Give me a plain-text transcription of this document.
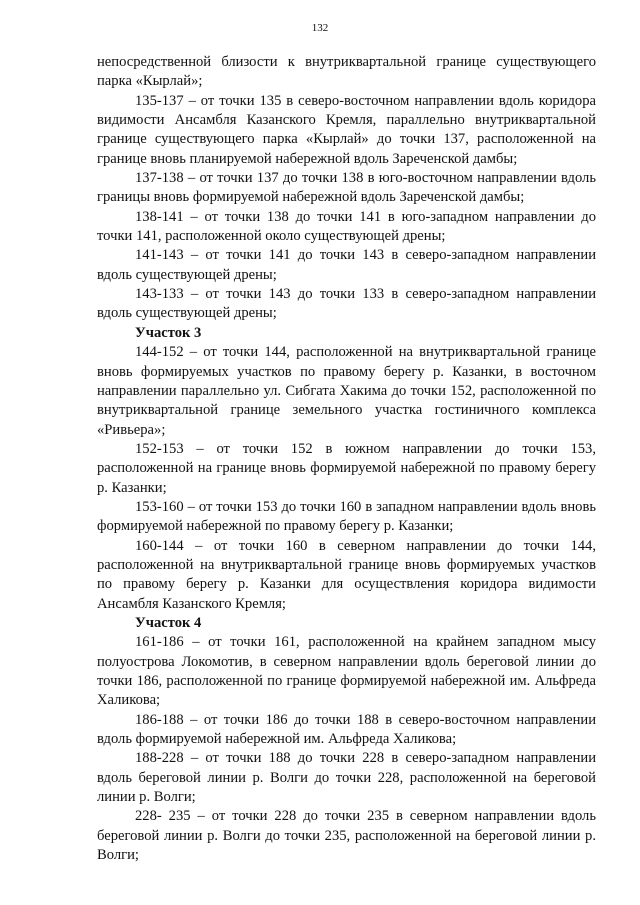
132

непосредственной близости к внутриквартальной границе существующего парка «Кырлай»;

135-137 – от точки 135 в северо-восточном направлении вдоль коридора видимости Ансамбля Казанского Кремля, параллельно внутриквартальной границе существующего парка «Кырлай» до точки 137, расположенной на границе вновь планируемой набережной вдоль Зареченской дамбы;

137-138 – от точки 137 до точки 138 в юго-восточном направлении вдоль границы вновь формируемой набережной вдоль Зареченской дамбы;

138-141 – от точки 138 до точки 141 в юго-западном направлении до точки 141, расположенной около существующей дрены;

141-143 – от точки 141 до точки 143 в северо-западном направлении вдоль существующей дрены;

143-133 – от точки 143 до точки 133 в северо-западном направлении вдоль существующей дрены;

Участок 3

144-152 – от точки 144, расположенной на внутриквартальной границе вновь формируемых участков по правому берегу р. Казанки, в восточном направлении параллельно ул. Сибгата Хакима до точки 152, расположенной по внутриквартальной границе земельного участка гостиничного комплекса «Ривьера»;

152-153 – от точки 152 в южном направлении до точки 153, расположенной на границе вновь формируемой набережной по правому берегу р. Казанки;

153-160 – от точки 153 до точки 160 в западном направлении вдоль вновь формируемой набережной по правому берегу р. Казанки;

160-144 – от точки 160 в северном направлении до точки 144, расположенной на внутриквартальной границе вновь формируемых участков по правому берегу р. Казанки для осуществления коридора видимости Ансамбля Казанского Кремля;

Участок 4

161-186 – от точки 161, расположенной на крайнем западном мысу полуострова Локомотив, в северном направлении вдоль береговой линии до точки 186, расположенной по границе формируемой набережной им. Альфреда Халикова;

186-188 – от точки 186 до точки 188 в северо-восточном направлении вдоль формируемой набережной им. Альфреда Халикова;

188-228 – от точки 188 до точки 228 в северо-западном направлении вдоль береговой линии р. Волги до точки 228, расположенной на береговой линии р. Волги;

228- 235 – от точки 228 до точки 235 в северном направлении вдоль береговой линии р. Волги до точки 235, расположенной на береговой линии р. Волги;
